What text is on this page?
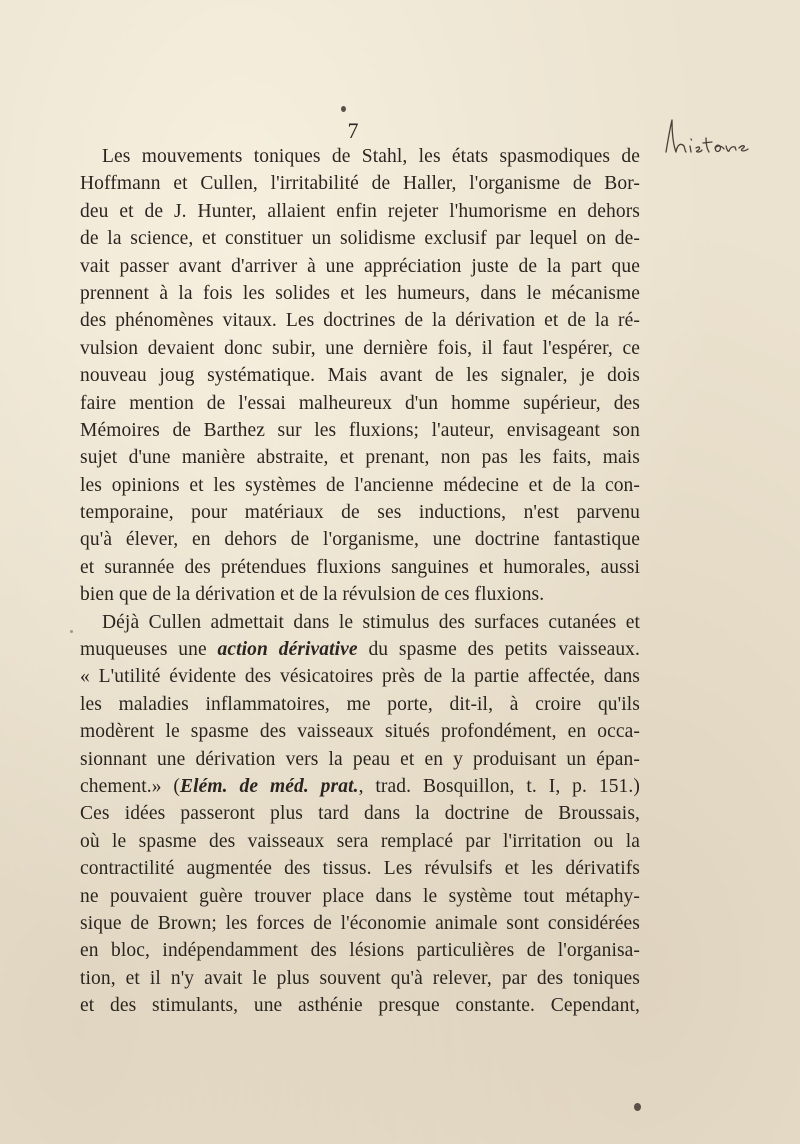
7
Les mouvements toniques de Stahl, les états spasmodiques de
Hoffmann et Cullen, l'irritabilité de Haller, l'organisme de Bor-
deu et de J. Hunter, allaient enfin rejeter l'humorisme en dehors
de la science, et constituer un solidisme exclusif par lequel on de-
vait passer avant d'arriver à une appréciation juste de la part que
prennent à la fois les solides et les humeurs, dans le mécanisme
des phénomènes vitaux. Les doctrines de la dérivation et de la ré-
vulsion devaient donc subir, une dernière fois, il faut l'espérer, ce
nouveau joug systématique. Mais avant de les signaler, je dois
faire mention de l'essai malheureux d'un homme supérieur, des
Mémoires de Barthez sur les fluxions; l'auteur, envisageant son
sujet d'une manière abstraite, et prenant, non pas les faits, mais
les opinions et les systèmes de l'ancienne médecine et de la con-
temporaine, pour matériaux de ses inductions, n'est parvenu
qu'à élever, en dehors de l'organisme, une doctrine fantastique
et surannée des prétendues fluxions sanguines et humorales, aussi
bien que de la dérivation et de la révulsion de ces fluxions.
Déjà Cullen admettait dans le stimulus des surfaces cutanées et
muqueuses une action dérivative du spasme des petits vaisseaux.
« L'utilité évidente des vésicatoires près de la partie affectée, dans
les maladies inflammatoires, me porte, dit-il, à croire qu'ils
modèrent le spasme des vaisseaux situés profondément, en occa-
sionnant une dérivation vers la peau et en y produisant un épan-
chement.» (Elém. de méd. prat., trad. Bosquillon, t. I, p. 151.)
Ces idées passeront plus tard dans la doctrine de Broussais,
où le spasme des vaisseaux sera remplacé par l'irritation ou la
contractilité augmentée des tissus. Les révulsifs et les dérivatifs
ne pouvaient guère trouver place dans le système tout métaphy-
sique de Brown; les forces de l'économie animale sont considérées
en bloc, indépendamment des lésions particulières de l'organisa-
tion, et il n'y avait le plus souvent qu'à relever, par des toniques
et des stimulants, une asthénie presque constante. Cependant,
